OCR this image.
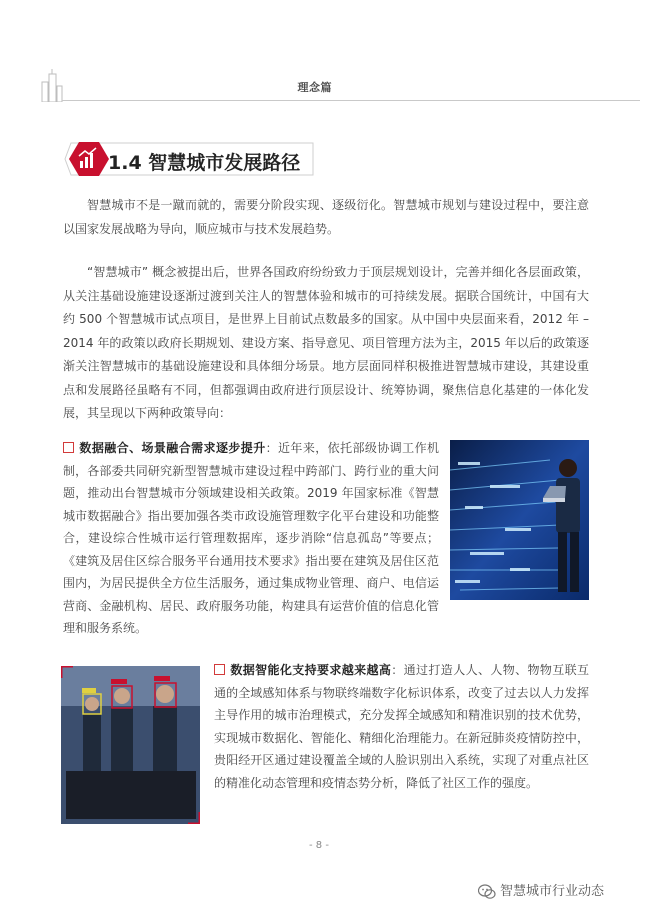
理念篇
1.4 智慧城市发展路径

智慧城市不是一蹴而就的，需要分阶段实现、逐级衍化。智慧城市规划与建设过程中，要注意以国家发展战略为导向，顺应城市与技术发展趋势。

“智慧城市” 概念被提出后，世界各国政府纷纷致力于顶层规划设计，完善并细化各层面政策，从关注基础设施建设逐渐过渡到关注人的智慧体验和城市的可持续发展。据联合国统计，中国有大约 500 个智慧城市试点项目，是世界上目前试点数最多的国家。从中国中央层面来看，2012 年 –2014 年的政策以政府长期规划、建设方案、指导意见、项目管理方法为主，2015 年以后的政策逐渐关注智慧城市的基础设施建设和具体细分场景。地方层面同样积极推进智慧城市建设，其建设重点和发展路径虽略有不同，但都强调由政府进行顶层设计、统筹协调，聚焦信息化基建的一体化发展，其呈现以下两种政策导向：

数据融合、场景融合需求逐步提升：近年来，依托部级协调工作机制，各部委共同研究新型智慧城市建设过程中跨部门、跨行业的重大问题，推动出台智慧城市分领域建设相关政策。2019 年国家标准《智慧城市数据融合》指出要加强各类市政设施管理数字化平台建设和功能整合，建设综合性城市运行管理数据库，逐步消除“信息孤岛”等要点；《建筑及居住区综合服务平台通用技术要求》指出要在建筑及居住区范围内，为居民提供全方位生活服务，通过集成物业管理、商户、电信运营商、金融机构、居民、政府服务功能，构建具有运营价值的信息化管理和服务系统。
数据智能化支持要求越来越高：通过打造人人、人物、物物互联互通的全域感知体系与物联终端数字化标识体系，改变了过去以人力发挥主导作用的城市治理模式，充分发挥全域感知和精准识别的技术优势，实现城市数据化、智能化、精细化治理能力。在新冠肺炎疫情防控中，贵阳经开区通过建设覆盖全域的人脸识别出入系统，实现了对重点社区的精准化动态管理和疫情态势分析，降低了社区工作的强度。
- 8 -
智慧城市行业动态
